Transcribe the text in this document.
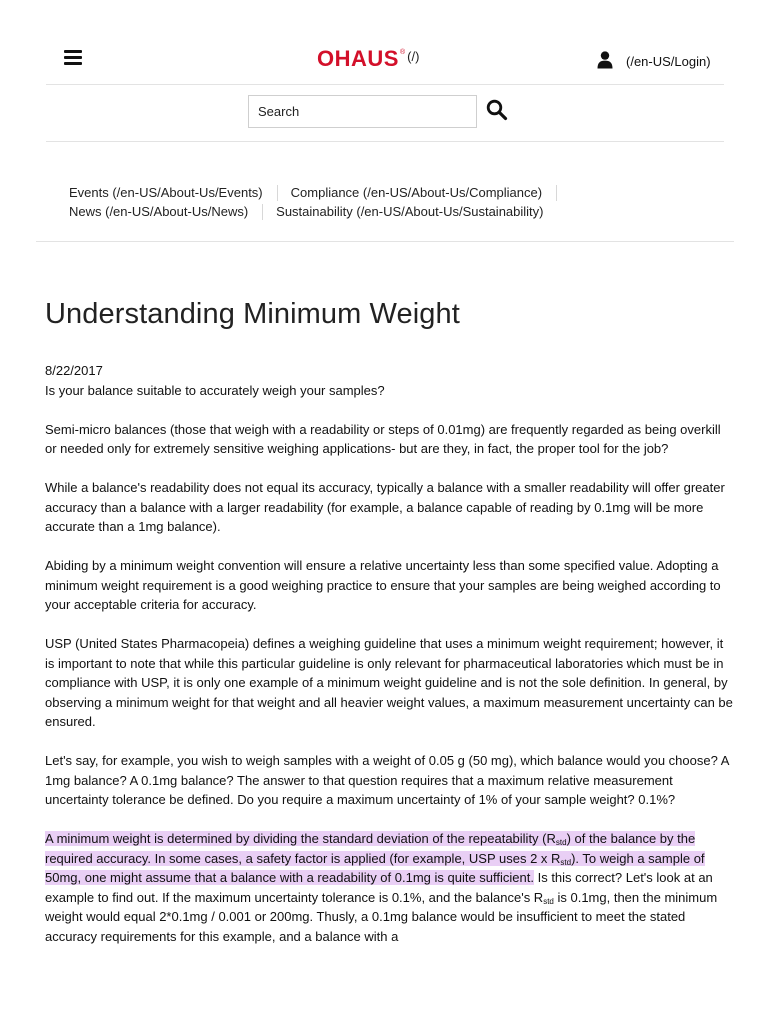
OHAUS ® (/)	(/en-US/Login)
Search
Events (/en-US/About-Us/Events)	Compliance (/en-US/About-Us/Compliance)
News (/en-US/About-Us/News)	Sustainability (/en-US/About-Us/Sustainability)
Understanding Minimum Weight

8/22/2017

Is your balance suitable to accurately weigh your samples?

Semi-micro balances (those that weigh with a readability or steps of 0.01mg) are frequently regarded as being overkill or needed only for extremely sensitive weighing applications- but are they, in fact, the proper tool for the job?

While a balance's readability does not equal its accuracy, typically a balance with a smaller readability will offer greater accuracy than a balance with a larger readability (for example, a balance capable of reading by 0.1mg will be more accurate than a 1mg balance).

Abiding by a minimum weight convention will ensure a relative uncertainty less than some specified value. Adopting a minimum weight requirement is a good weighing practice to ensure that your samples are being weighed according to your acceptable criteria for accuracy.

USP (United States Pharmacopeia) defines a weighing guideline that uses a minimum weight requirement; however, it is important to note that while this particular guideline is only relevant for pharmaceutical laboratories which must be in compliance with USP, it is only one example of a minimum weight guideline and is not the sole definition. In general, by observing a minimum weight for that weight and all heavier weight values, a maximum measurement uncertainty can be ensured.

Let's say, for example, you wish to weigh samples with a weight of 0.05 g (50 mg), which balance would you choose? A 1mg balance? A 0.1mg balance? The answer to that question requires that a maximum relative measurement uncertainty tolerance be defined. Do you require a maximum uncertainty of 1% of your sample weight? 0.1%?

A minimum weight is determined by dividing the standard deviation of the repeatability $(R_{std})$ of the balance by the required accuracy. In some cases, a safety factor is applied (for example, USP uses 2 x $R_{std}$). To weigh a sample of 50mg, one might assume that a balance with a readability of 0.1mg is quite sufficient. Is this correct? Let's look at an example to find out. If the maximum uncertainty tolerance is 0.1%, and the balance's $R_{std}$ is 0.1mg, then the minimum weight would equal 2*0.1mg / 0.001 or 200mg. Thusly, a 0.1mg balance would be insufficient to meet the stated accuracy requirements for this example, and a balance with a
